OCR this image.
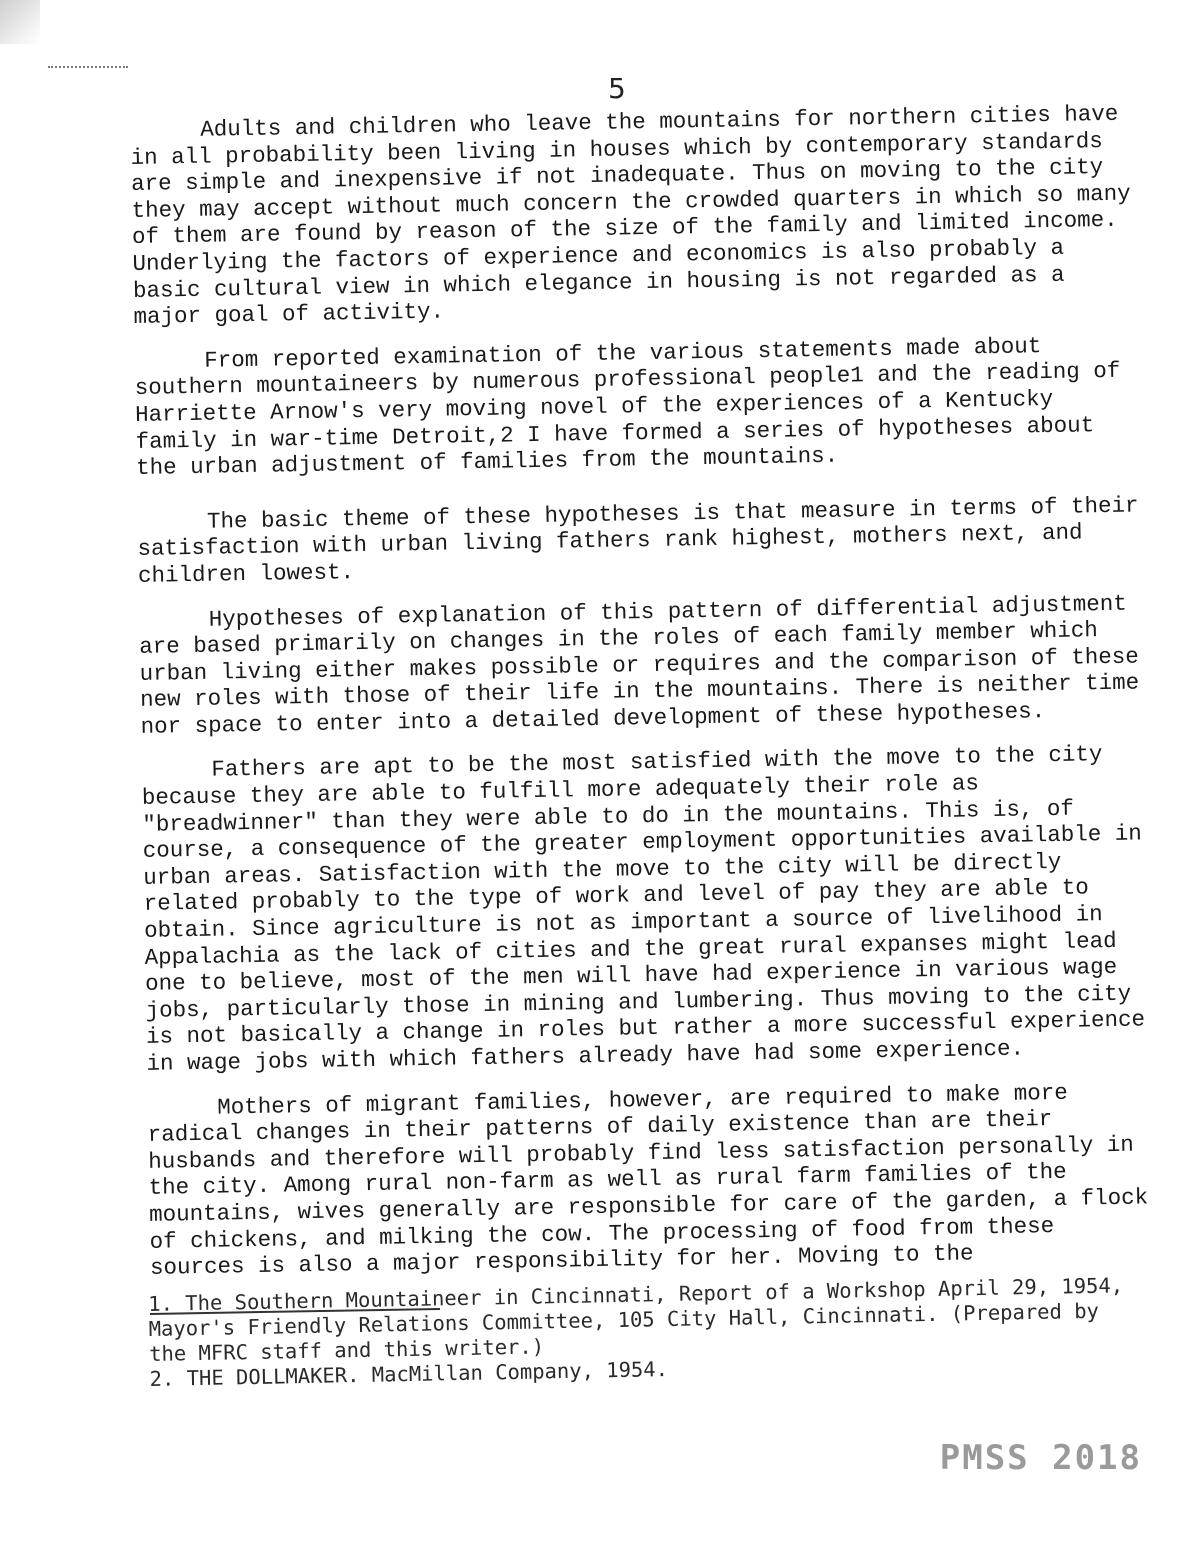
5

Adults and children who leave the mountains for northern cities have in all probability been living in houses which by contemporary standards are simple and inexpensive if not inadequate. Thus on moving to the city they may accept without much concern the crowded quarters in which so many of them are found by reason of the size of the family and limited income. Underlying the factors of experience and economics is also probably a basic cultural view in which elegance in housing is not regarded as a major goal of activity.

From reported examination of the various statements made about southern mountaineers by numerous professional people1 and the reading of Harriette Arnow's very moving novel of the experiences of a Kentucky family in war-time Detroit,2 I have formed a series of hypotheses about the urban adjustment of families from the mountains.

The basic theme of these hypotheses is that measure in terms of their satisfaction with urban living fathers rank highest, mothers next, and children lowest.

Hypotheses of explanation of this pattern of differential adjustment are based primarily on changes in the roles of each family member which urban living either makes possible or requires and the comparison of these new roles with those of their life in the mountains. There is neither time nor space to enter into a detailed development of these hypotheses.

Fathers are apt to be the most satisfied with the move to the city because they are able to fulfill more adequately their role as "breadwinner" than they were able to do in the mountains. This is, of course, a consequence of the greater employment opportunities available in urban areas. Satisfaction with the move to the city will be directly related probably to the type of work and level of pay they are able to obtain. Since agriculture is not as important a source of livelihood in Appalachia as the lack of cities and the great rural expanses might lead one to believe, most of the men will have had experience in various wage jobs, particularly those in mining and lumbering. Thus moving to the city is not basically a change in roles but rather a more successful experience in wage jobs with which fathers already have had some experience.

Mothers of migrant families, however, are required to make more radical changes in their patterns of daily existence than are their husbands and therefore will probably find less satisfaction personally in the city. Among rural non-farm as well as rural farm families of the mountains, wives generally are responsible for care of the garden, a flock of chickens, and milking the cow. The processing of food from these sources is also a major responsibility for her. Moving to the

1. The Southern Mountaineer in Cincinnati, Report of a Workshop April 29, 1954, Mayor's Friendly Relations Committee, 105 City Hall, Cincinnati. (Prepared by the MFRC staff and this writer.)

2. THE DOLLMAKER. MacMillan Company, 1954.

PMSS 2018
